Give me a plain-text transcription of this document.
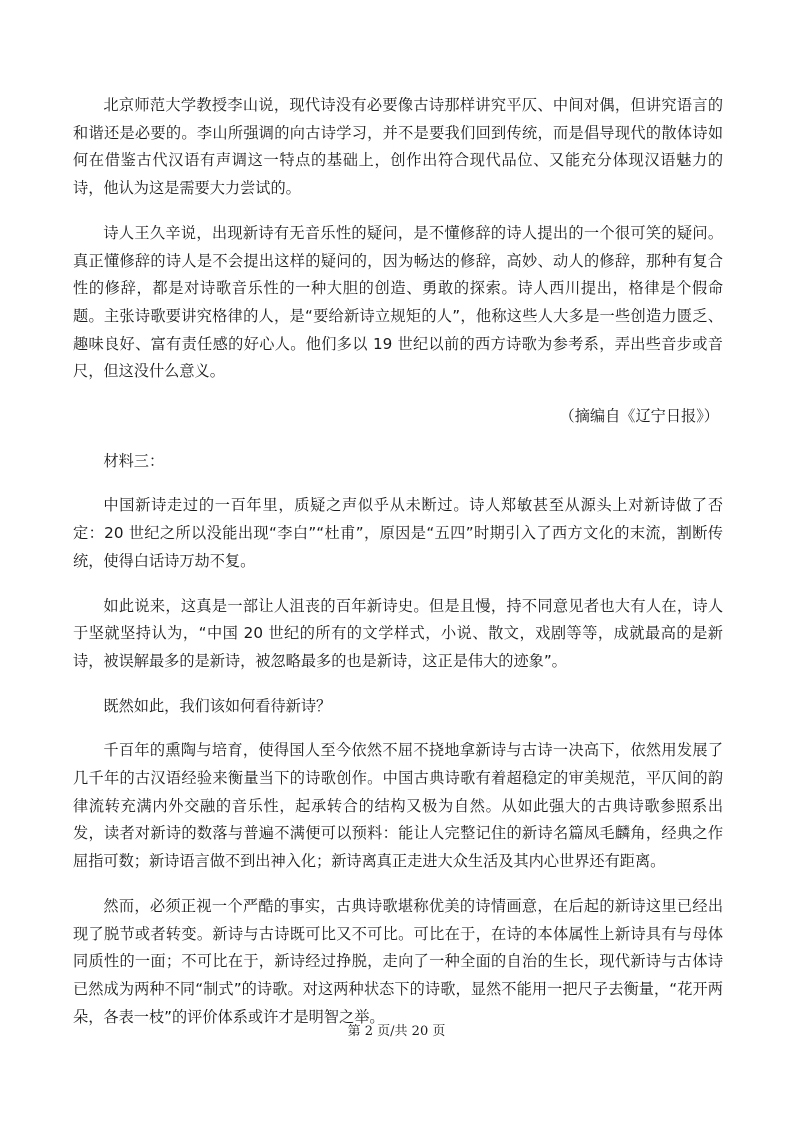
北京师范大学教授李山说，现代诗没有必要像古诗那样讲究平仄、中间对偶，但讲究语言的和谐还是必要的。李山所强调的向古诗学习，并不是要我们回到传统，而是倡导现代的散体诗如何在借鉴古代汉语有声调这一特点的基础上，创作出符合现代品位、又能充分体现汉语魅力的诗，他认为这是需要大力尝试的。

诗人王久辛说，出现新诗有无音乐性的疑问，是不懂修辞的诗人提出的一个很可笑的疑问。真正懂修辞的诗人是不会提出这样的疑问的，因为畅达的修辞，高妙、动人的修辞，那种有复合性的修辞，都是对诗歌音乐性的一种大胆的创造、勇敢的探索。诗人西川提出，格律是个假命题。主张诗歌要讲究格律的人，是“要给新诗立规矩的人”，他称这些人大多是一些创造力匮乏、趣味良好、富有责任感的好心人。他们多以 19 世纪以前的西方诗歌为参考系，弄出些音步或音尺，但这没什么意义。

（摘编自《辽宁日报》）

材料三：

中国新诗走过的一百年里，质疑之声似乎从未断过。诗人郑敏甚至从源头上对新诗做了否定：20 世纪之所以没能出现“李白”“杜甫”，原因是“五四”时期引入了西方文化的末流，割断传统，使得白话诗万劫不复。

如此说来，这真是一部让人沮丧的百年新诗史。但是且慢，持不同意见者也大有人在，诗人于坚就坚持认为，“中国 20 世纪的所有的文学样式，小说、散文，戏剧等等，成就最高的是新诗，被误解最多的是新诗，被忽略最多的也是新诗，这正是伟大的迹象”。

既然如此，我们该如何看待新诗？

千百年的熏陶与培育，使得国人至今依然不屈不挠地拿新诗与古诗一决高下，依然用发展了几千年的古汉语经验来衡量当下的诗歌创作。中国古典诗歌有着超稳定的审美规范，平仄间的韵律流转充满内外交融的音乐性，起承转合的结构又极为自然。从如此强大的古典诗歌参照系出发，读者对新诗的数落与普遍不满便可以预料：能让人完整记住的新诗名篇凤毛麟角，经典之作屈指可数；新诗语言做不到出神入化；新诗离真正走进大众生活及其内心世界还有距离。

然而，必须正视一个严酷的事实，古典诗歌堪称优美的诗情画意，在后起的新诗这里已经出现了脱节或者转变。新诗与古诗既可比又不可比。可比在于，在诗的本体属性上新诗具有与母体同质性的一面；不可比在于，新诗经过挣脱，走向了一种全面的自治的生长，现代新诗与古体诗已然成为两种不同“制式”的诗歌。对这两种状态下的诗歌，显然不能用一把尺子去衡量，“花开两朵，各表一枝”的评价体系或许才是明智之举。

第 2 页/共 20 页
